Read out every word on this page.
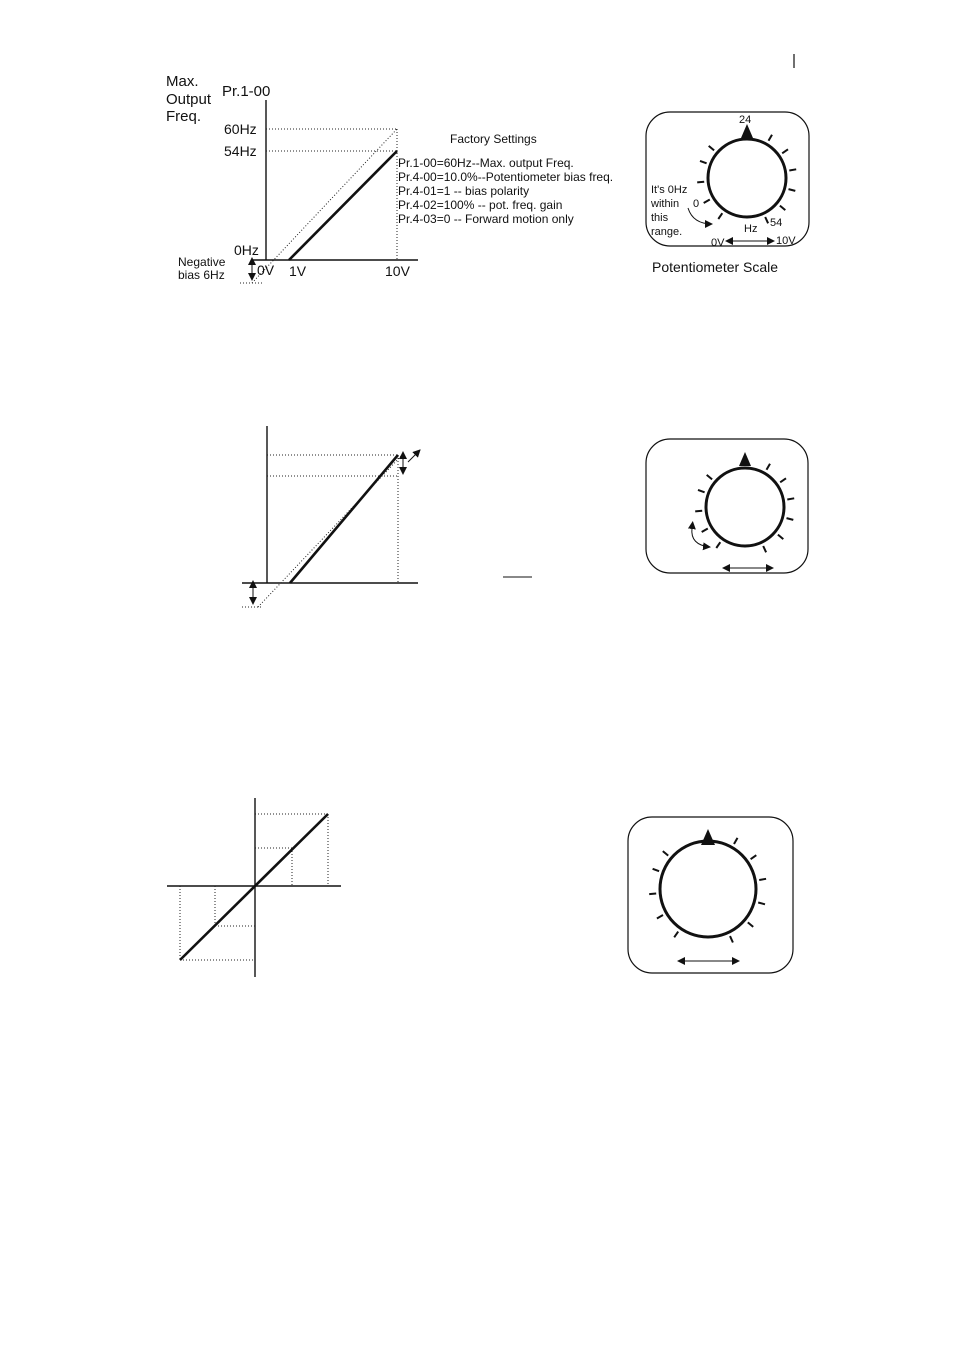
Max.
Output
Freq.
Pr.1-00
60Hz
54Hz
0Hz
Negative
bias 6Hz 0V 1V	10V
Factory Settings
Pr.1-00=60Hz--Max. output Freq.
Pr.4-00=10.0%--Potentiometer bias freq.
Pr.4-01=1 -- bias polarity
Pr.4-02=100% -- pot. freq. gain
Pr.4-03=0 -- Forward motion only
24
It's 0Hz
within
this
range.
0
Hz 54
0V	10V
Potentiometer Scale
